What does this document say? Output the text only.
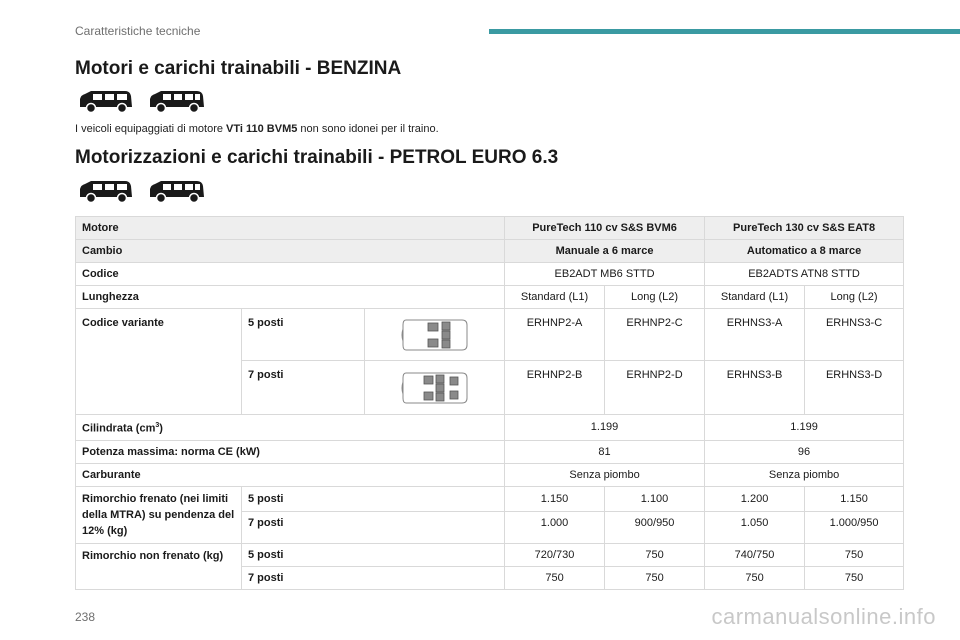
Caratteristiche tecniche
Motori e carichi trainabili - BENZINA
I veicoli equipaggiati di motore VTi 110 BVM5 non sono idonei per il traino.
Motorizzazioni e carichi trainabili - PETROL EURO 6.3
Motore			PureTech 110 cv S&S BVM6		PureTech 130 cv S&S EAT8	
Cambio			Manuale a 6 marce		Automatico a 8 marce	
Codice			EB2ADT MB6 STTD		EB2ADTS ATN8 STTD	
Lunghezza			Standard (L1)	Long (L2)	Standard (L1)	Long (L2)
Codice variante	5 posti		ERHNP2-A	ERHNP2-C	ERHNS3-A	ERHNS3-C
	7 posti		ERHNP2-B	ERHNP2-D	ERHNS3-B	ERHNS3-D
Cilindrata $(cm^3)$			1.199		1.199	
Potenza massima: norma CE (kW)			81		96	
Carburante			Senza piombo		Senza piombo	
Rimorchio frenato (nei limiti della MTRA) su pendenza del 12% (kg)	5 posti		1.150	1.100	1.200	1.150
	7 posti		1.000	900/950	1.050	1.000/950
Rimorchio non frenato (kg)	5 posti		720/730	750	740/750	750
	7 posti		750	750	750	750
238	carmanualsonline.info
